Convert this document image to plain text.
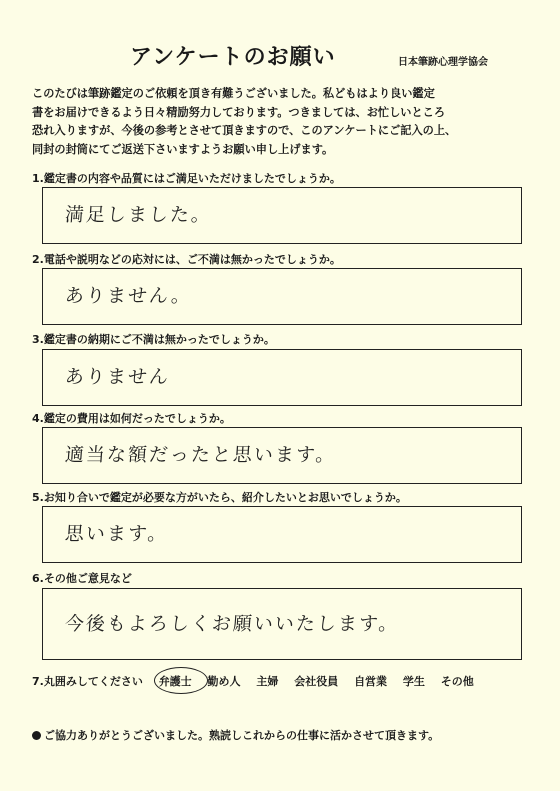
アンケートのお願い	日本筆跡心理学協会
このたびは筆跡鑑定のご依頼を頂き有難うございました。私どもはより良い鑑定
書をお届けできるよう日々精励努力しております。つきましては、お忙しいところ
恐れ入りますが、今後の参考とさせて頂きますので、このアンケートにご記入の上、
同封の封筒にてご返送下さいますようお願い申し上げます。
1.鑑定書の内容や品質にはご満足いただけましたでしょうか。
満足しました。
2.電話や説明などの応対には、ご不満は無かったでしょうか。
ありません。
3.鑑定書の納期にご不満は無かったでしょうか。
ありません
4.鑑定の費用は如何だったでしょうか。
適当な額だったと思います。
5.お知り合いで鑑定が必要な方がいたら、紹介したいとお思いでしょうか。
思います。
6.その他ご意見など
今後もよろしくお願いいたします。
7.丸囲みしてください 弁護士 勤め人 主婦 会社役員 自営業 学生 その他
ご協力ありがとうございました。熟読しこれからの仕事に活かさせて頂きます。
